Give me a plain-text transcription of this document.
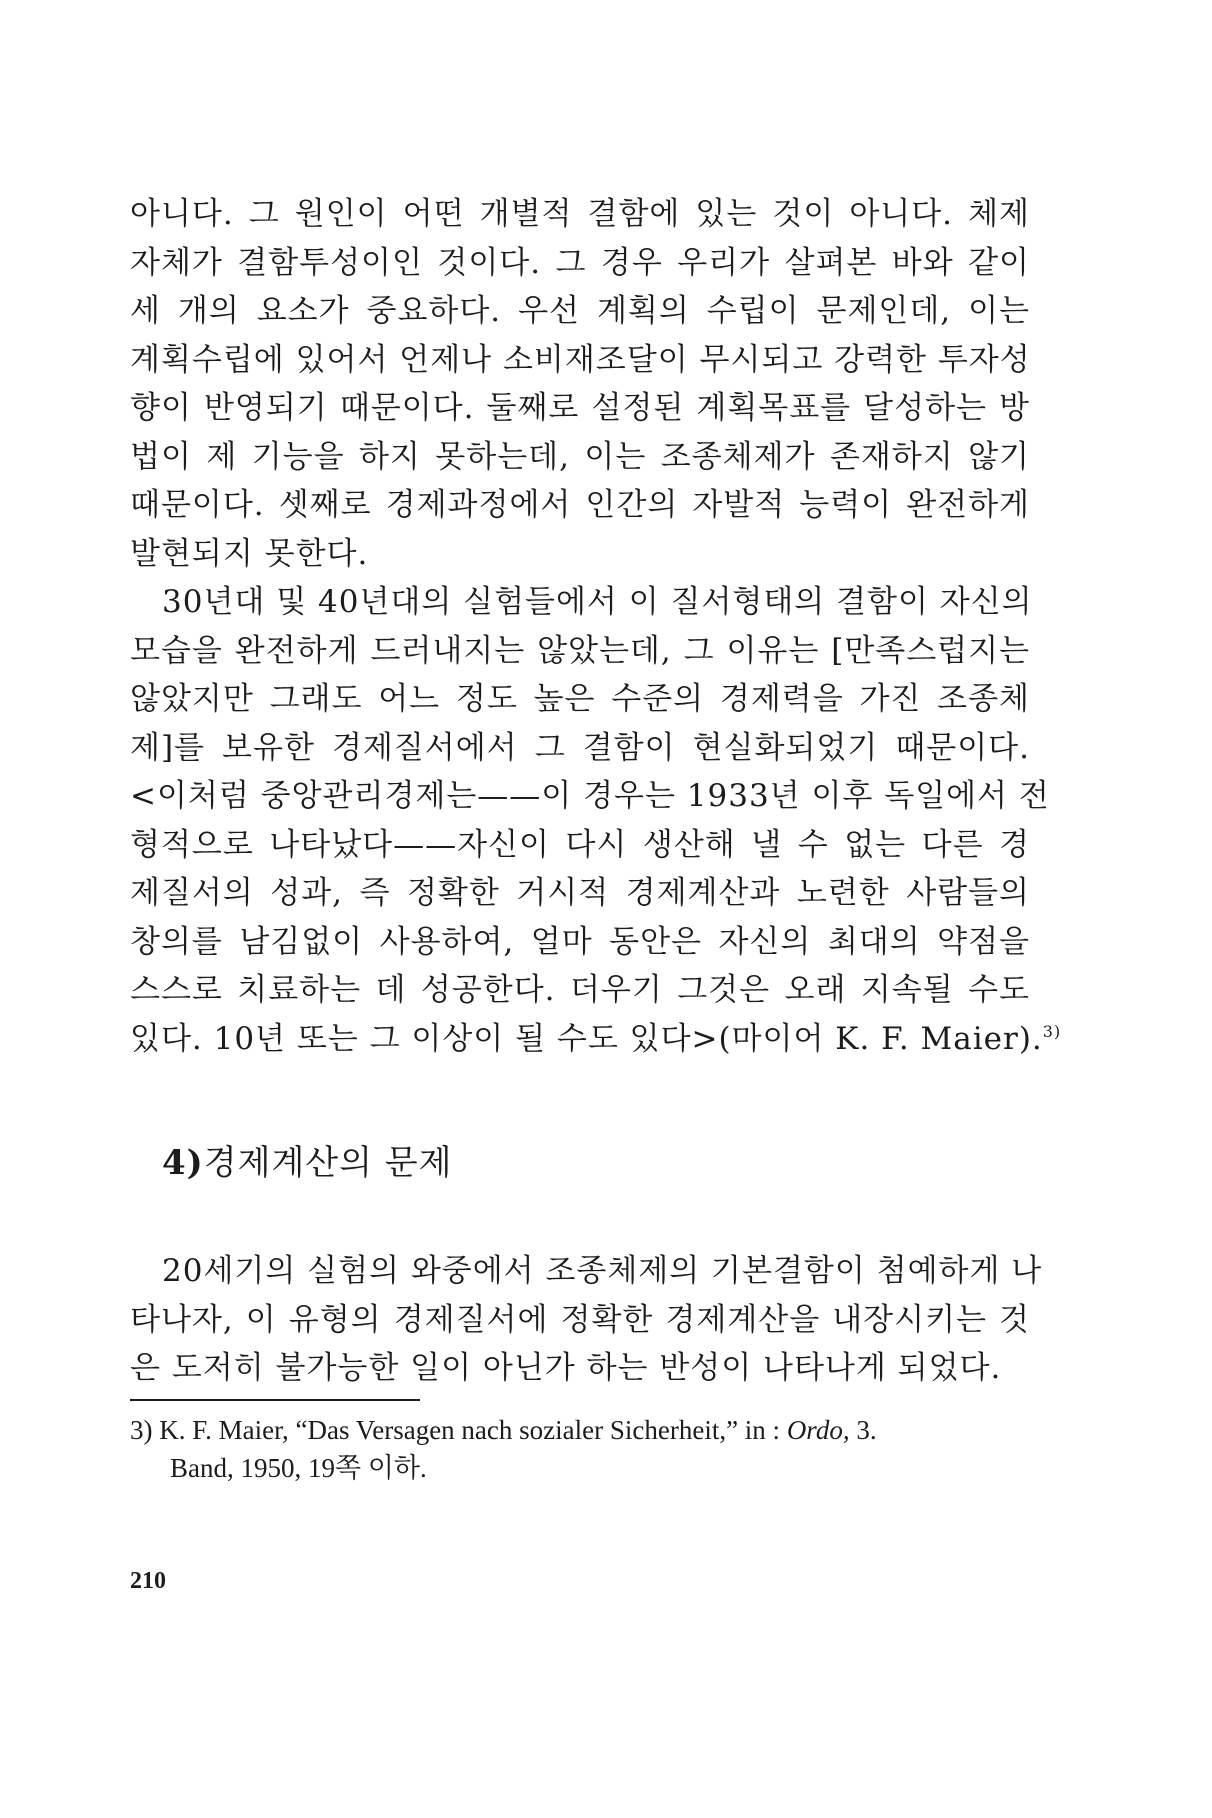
아니다. 그 원인이 어떤 개별적 결함에 있는 것이 아니다. 체제
자체가 결함투성이인 것이다. 그 경우 우리가 살펴본 바와 같이
세 개의 요소가 중요하다. 우선 계획의 수립이 문제인데, 이는
계획수립에 있어서 언제나 소비재조달이 무시되고 강력한 투자성
향이 반영되기 때문이다. 둘째로 설정된 계획목표를 달성하는 방
법이 제 기능을 하지 못하는데, 이는 조종체제가 존재하지 않기
때문이다. 셋째로 경제과정에서 인간의 자발적 능력이 완전하게
발현되지 못한다.
30년대 및 40년대의 실험들에서 이 질서형태의 결함이 자신의
모습을 완전하게 드러내지는 않았는데, 그 이유는 [만족스럽지는
않았지만 그래도 어느 정도 높은 수준의 경제력을 가진 조종체
제]를 보유한 경제질서에서 그 결함이 현실화되었기 때문이다.
<이처럼 중앙관리경제는——이 경우는 1933년 이후 독일에서 전
형적으로 나타났다——자신이 다시 생산해 낼 수 없는 다른 경
제질서의 성과, 즉 정확한 거시적 경제계산과 노련한 사람들의
창의를 남김없이 사용하여, 얼마 동안은 자신의 최대의 약점을
스스로 치료하는 데 성공한다. 더우기 그것은 오래 지속될 수도
있다. 10년 또는 그 이상이 될 수도 있다>(마이어 K. F. Maier).$^{3)}$
4)경제계산의 문제
20세기의 실험의 와중에서 조종체제의 기본결함이 첨예하게 나
타나자, 이 유형의 경제질서에 정확한 경제계산을 내장시키는 것
은 도저히 불가능한 일이 아닌가 하는 반성이 나타나게 되었다.
3) K. F. Maier, “Das Versagen nach sozialer Sicherheit,” in : Ordo, 3.
Band, 1950, 19쪽 이하.
210
